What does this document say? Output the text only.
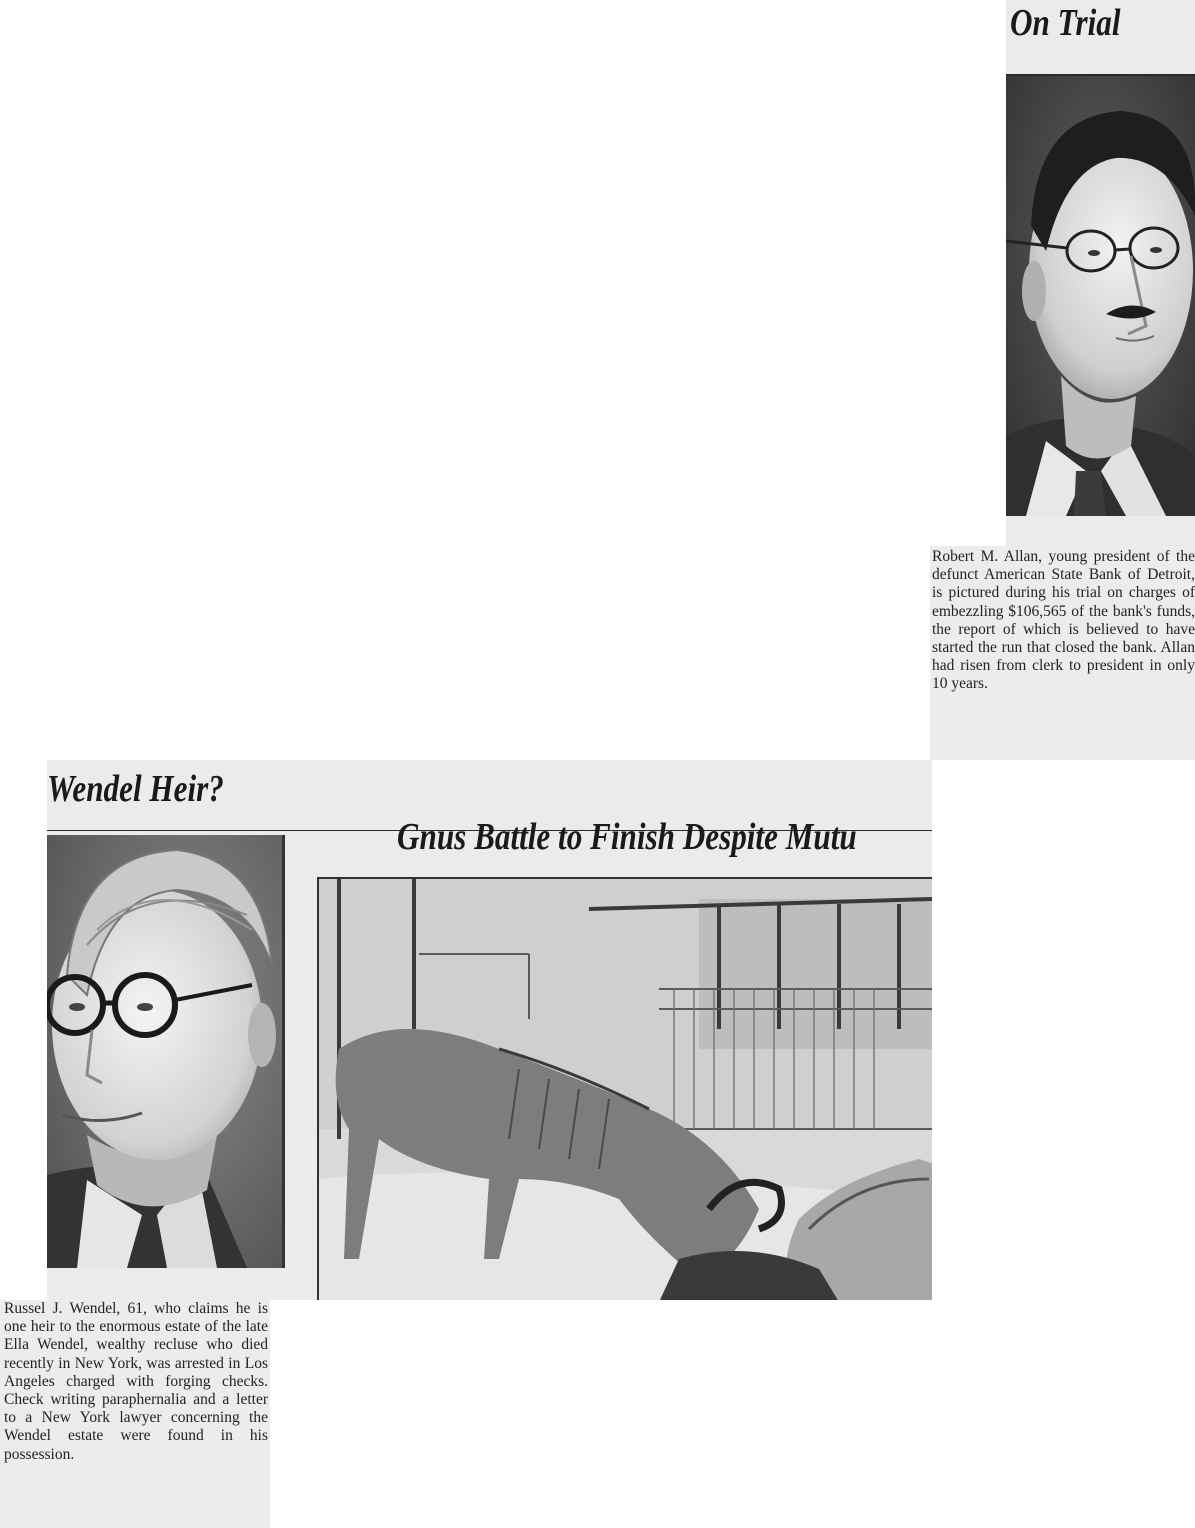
On Trial

Robert M. Allan, young president of the defunct American State Bank of Detroit, is pictured during his trial on charges of embezzling $106,565 of the bank's funds, the report of which is believed to have started the run that closed the bank. Allan had risen from clerk to president in only 10 years.

Wendel Heir?
Gnus Battle to Finish Despite Mutu

Russel J. Wendel, 61, who claims he is one heir to the enormous estate of the late Ella Wendel, wealthy recluse who died recently in New York, was arrested in Los Angeles charged with forging checks. Check writing paraphernalia and a letter to a New York lawyer concerning the Wendel estate were found in his possession.
